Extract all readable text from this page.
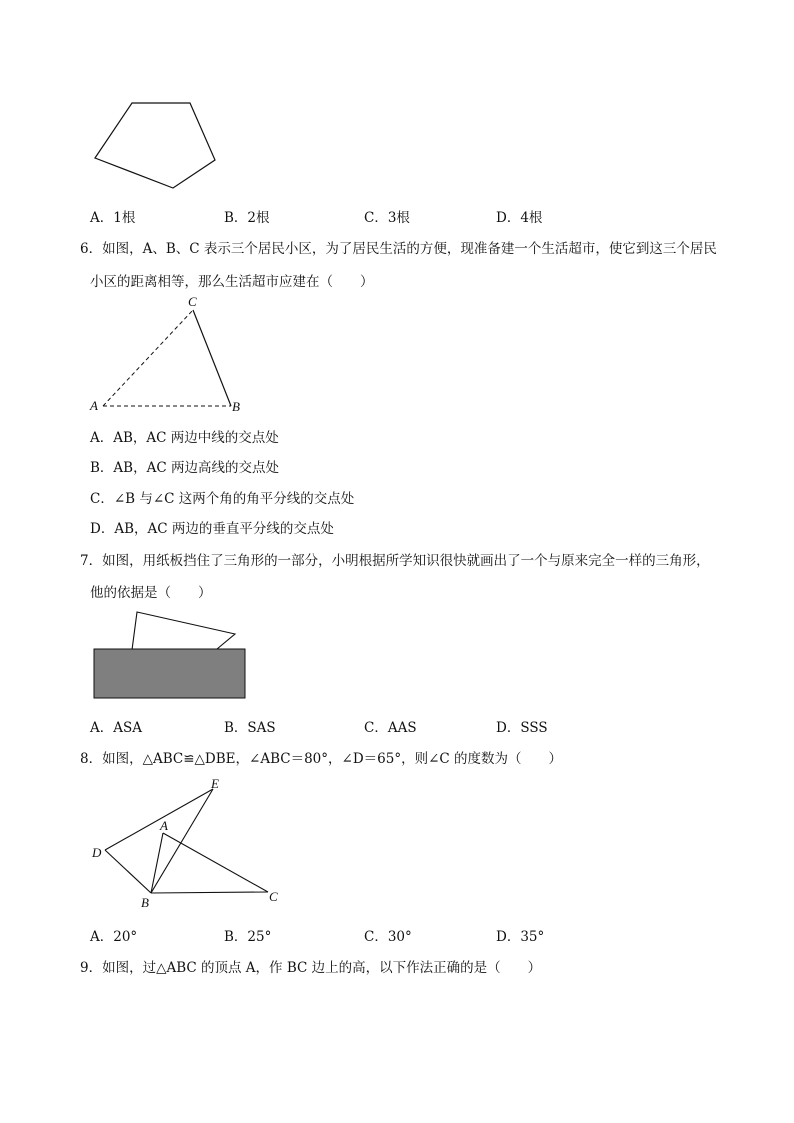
A．1根	B．2根	C．3根	D．4根
6．如图，A、B、C 表示三个居民小区，为了居民生活的方便，现准备建一个生活超市，使它到这三个居民
小区的距离相等，那么生活超市应建在（　　）
C
A	B
A．AB，AC 两边中线的交点处
B．AB，AC 两边高线的交点处
C．∠B 与∠C 这两个角的角平分线的交点处
D．AB，AC 两边的垂直平分线的交点处
7．如图，用纸板挡住了三角形的一部分，小明根据所学知识很快就画出了一个与原来完全一样的三角形，
他的依据是（　　）
A．ASA	B．SAS	C．AAS	D．SSS
8．如图，△ABC≌△DBE，∠ABC＝80°，∠D＝65°，则∠C 的度数为（　　）
E
A
D
B	C
A．20°	B．25°	C．30°	D．35°
9．如图，过△ABC 的顶点 A，作 BC 边上的高，以下作法正确的是（　　）
